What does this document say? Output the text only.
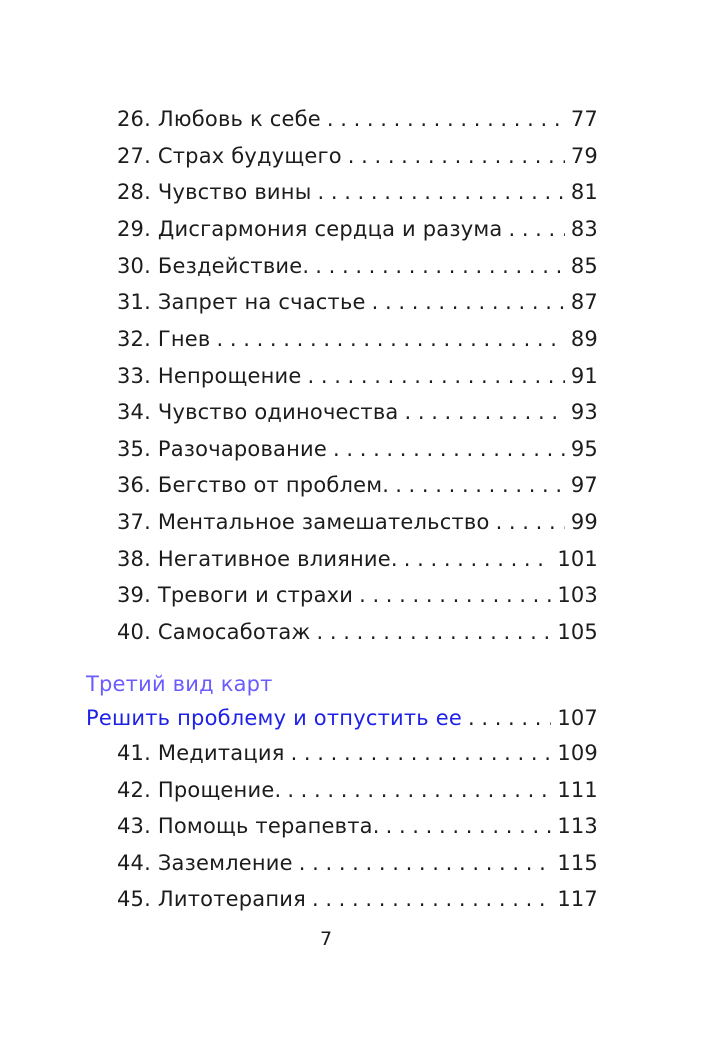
26. Любовь к себе . . .	77
27. Страх будущего . . .	79
28. Чувство вины . . .	81
29. Дисгармония сердца и разума . . .	83
30. Бездействие. . . .	85
31. Запрет на счастье . . .	87
32. Гнев . . .	89
33. Непрощение . . .	91
34. Чувство одиночества . . .	93
35. Разочарование . . .	95
36. Бегство от проблем. . . .	97
37. Ментальное замешательство . . .	99
38. Негативное влияние. . . .	101
39. Тревоги и страхи . . .	103
40. Самосаботаж . . .	105
Третий вид карт
Решить проблему и отпустить ее . . .	107
41. Медитация . . .	109
42. Прощение. . . .	111
43. Помощь терапевта. . . .	113
44. Заземление . . .	115
45. Литотерапия . . .	117
7
